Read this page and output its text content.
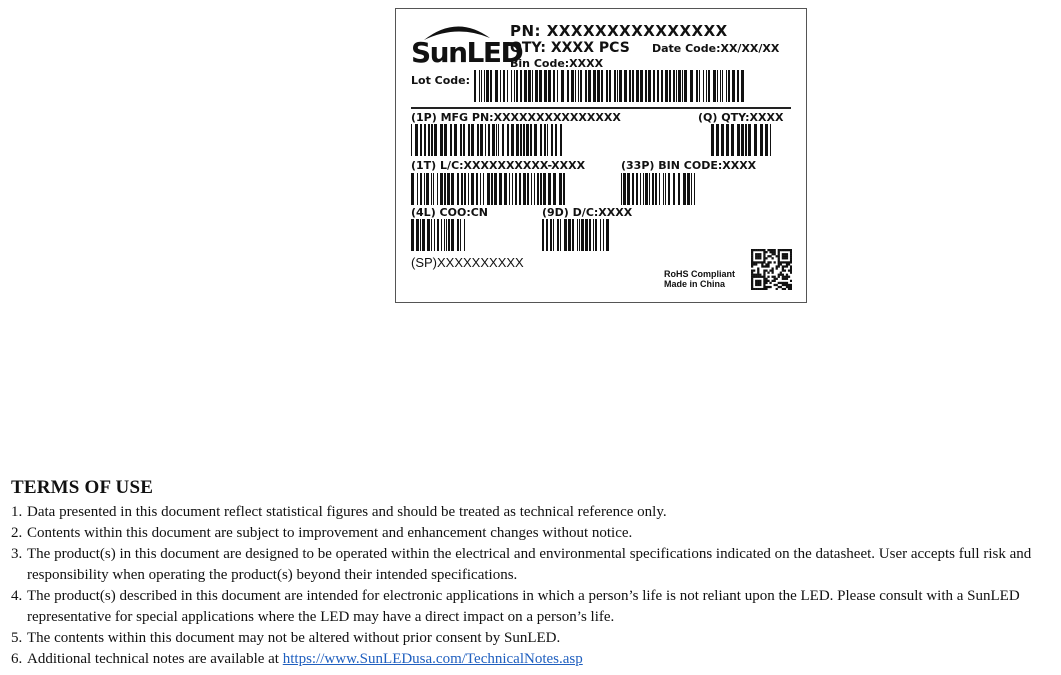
SunLED
PN: XXXXXXXXXXXXXXX
QTY: XXXX PCS Date Code:XX/XX/XX
Bin Code:XXXX
Lot Code:
(1P) MFG PN:XXXXXXXXXXXXXXX	(Q) QTY:XXXX
(1T) L/C:XXXXXXXXXX-XXXX	(33P) BIN CODE:XXXX
(4L) COO:CN	(9D) D/C:XXXX
(SP)XXXXXXXXXX
RoHS Compliant
Made in China
TERMS OF USE
1. Data presented in this document reflect statistical figures and should be treated as technical reference only.
2. Contents within this document are subject to improvement and enhancement changes without notice.
3. The product(s) in this document are designed to be operated within the electrical and environmental specifications indicated on the datasheet. User accepts full risk and responsibility when operating the product(s) beyond their intended specifications.
4. The product(s) described in this document are intended for electronic applications in which a person’s life is not reliant upon the LED. Please consult with a SunLED representative for special applications where the LED may have a direct impact on a person’s life.
5. The contents within this document may not be altered without prior consent by SunLED.
6. Additional technical notes are available at https://www.SunLEDusa.com/TechnicalNotes.asp
